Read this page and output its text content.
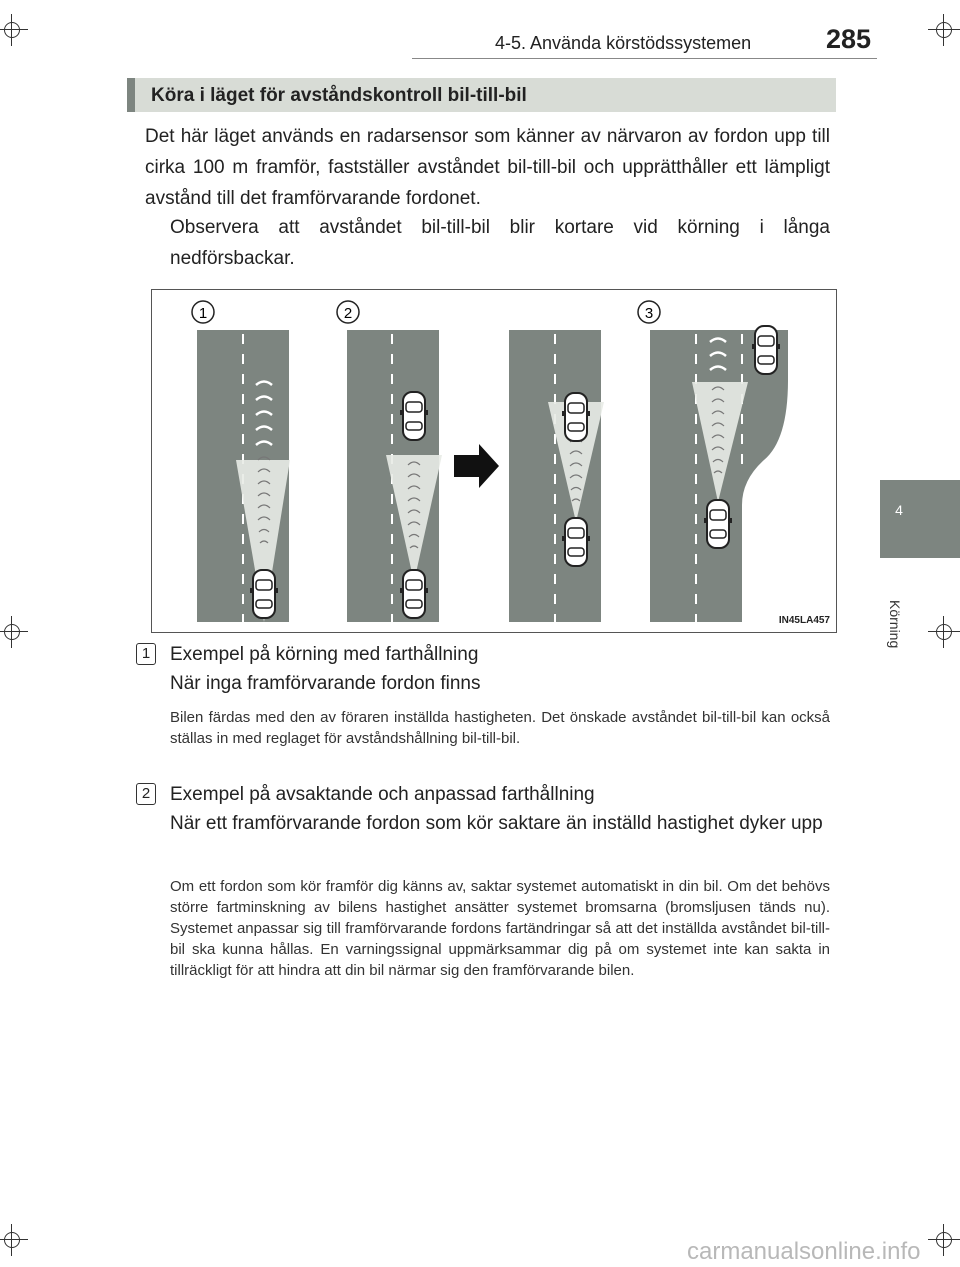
4-5. Använda körstödssystemen	285
4
Körning
Köra i läget för avståndskontroll bil-till-bil
Det här läget används en radarsensor som känner av närvaron av fordon upp till cirka 100 m framför, fastställer avståndet bil-till-bil och upprätthåller ett lämpligt avstånd till det framförvarande fordonet.
Observera att avståndet bil-till-bil blir kortare vid körning i långa nedförsbackar.
1	2	3
IN45LA457
1	Exempel på körning med farthållning
När inga framförvarande fordon finns
Bilen färdas med den av föraren inställda hastigheten. Det önskade avståndet bil-till-bil kan också ställas in med reglaget för avståndshållning bil-till-bil.
2	Exempel på avsaktande och anpassad farthållning
När ett framförvarande fordon som kör saktare än inställd hastighet dyker upp
Om ett fordon som kör framför dig känns av, saktar systemet automatiskt in din bil. Om det behövs större fartminskning av bilens hastighet ansätter systemet bromsarna (bromsljusen tänds nu). Systemet anpassar sig till framförvarande fordons fartändringar så att det inställda avståndet bil-till-bil ska kunna hållas. En varningssignal uppmärksammar dig på om systemet inte kan sakta in tillräckligt för att hindra att din bil närmar sig den framförvarande bilen.
carmanualsonline.info
